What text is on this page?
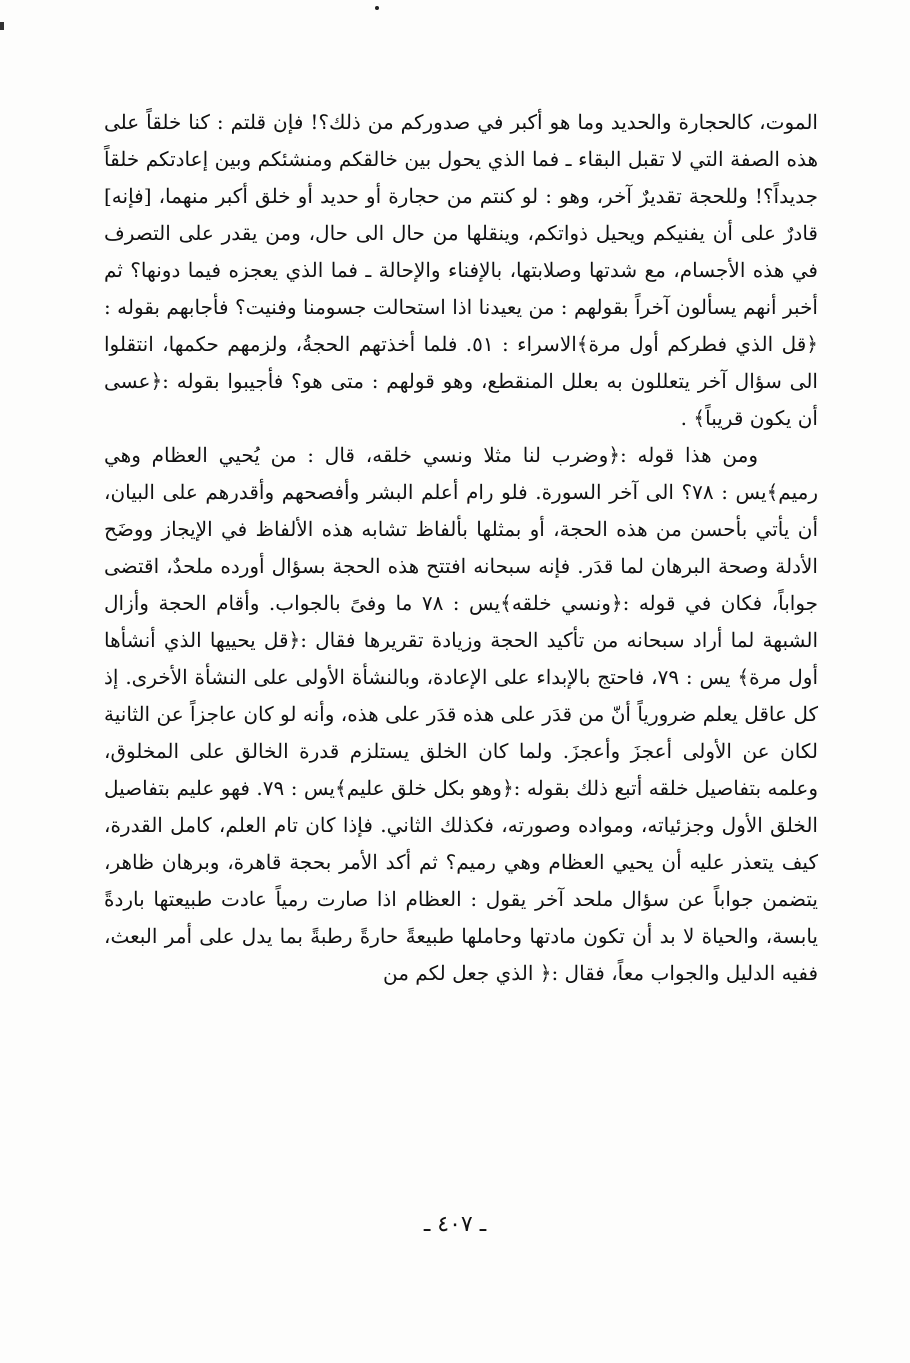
الموت، كالحجارة والحديد وما هو أكبر في صدوركم من ذلك؟! فإن قلتم : كنا خلقاً على هذه الصفة التي لا تقبل البقاء ـ فما الذي يحول بين خالقكم ومنشئكم وبين إعادتكم خلقاً جديداً؟! وللحجة تقديرٌ آخر، وهو : لو كنتم من حجارة أو حديد أو خلق أكبر منهما، [فإنه] قادرٌ على أن يفنيكم ويحيل ذواتكم، وينقلها من حال الى حال، ومن يقدر على التصرف في هذه الأجسام، مع شدتها وصلابتها، بالإفناء والإحالة ـ فما الذي يعجزه فيما دونها؟ ثم أخبر أنهم يسألون آخراً بقولهم : من يعيدنا اذا استحالت جسومنا وفنيت؟ فأجابهم بقوله :﴿قل الذي فطركم أول مرة﴾الاسراء : ٥١. فلما أخذتهم الحجةُ، ولزمهم حكمها، انتقلوا الى سؤال آخر يتعللون به بعلل المنقطع، وهو قولهم : متى هو؟ فأجيبوا بقوله :﴿عسى أن يكون قريباً﴾ .

ومن هذا قوله :﴿وضرب لنا مثلا ونسي خلقه، قال : من يُحيي العظام وهي رميم﴾يس : ٧٨؟ الى آخر السورة. فلو رام أعلم البشر وأفصحهم وأقدرهم على البيان، أن يأتي بأحسن من هذه الحجة، أو بمثلها بألفاظ تشابه هذه الألفاظ في الإيجاز ووضَح الأدلة وصحة البرهان لما قدَر. فإنه سبحانه افتتح هذه الحجة بسؤال أورده ملحدٌ، اقتضى جواباً، فكان في قوله :﴿ونسي خلقه﴾يس : ٧٨ ما وفىً بالجواب. وأقام الحجة وأزال الشبهة لما أراد سبحانه من تأكيد الحجة وزيادة تقريرها فقال :﴿قل يحييها الذي أنشأها أول مرة﴾ يس : ٧٩، فاحتج بالإبداء على الإعادة، وبالنشأة الأولى على النشأة الأخرى. إذ كل عاقل يعلم ضرورياً أنّ من قدَر على هذه قدَر على هذه، وأنه لو كان عاجزاً عن الثانية لكان عن الأولى أعجزَ وأعجزَ. ولما كان الخلق يستلزم قدرة الخالق على المخلوق، وعلمه بتفاصيل خلقه أتبع ذلك بقوله :﴿وهو بكل خلق عليم﴾يس : ٧٩. فهو عليم بتفاصيل الخلق الأول وجزئياته، ومواده وصورته، فكذلك الثاني. فإذا كان تام العلم، كامل القدرة، كيف يتعذر عليه أن يحيي العظام وهي رميم؟ ثم أكد الأمر بحجة قاهرة، وبرهان ظاهر، يتضمن جواباً عن سؤال ملحد آخر يقول : العظام اذا صارت رمياً عادت طبيعتها باردةً يابسة، والحياة لا بد أن تكون مادتها وحاملها طبيعةً حارةً رطبةً بما يدل على أمر البعث، ففيه الدليل والجواب معاً، فقال :﴿ الذي جعل لكم من

ـ ٤٠٧ ـ
